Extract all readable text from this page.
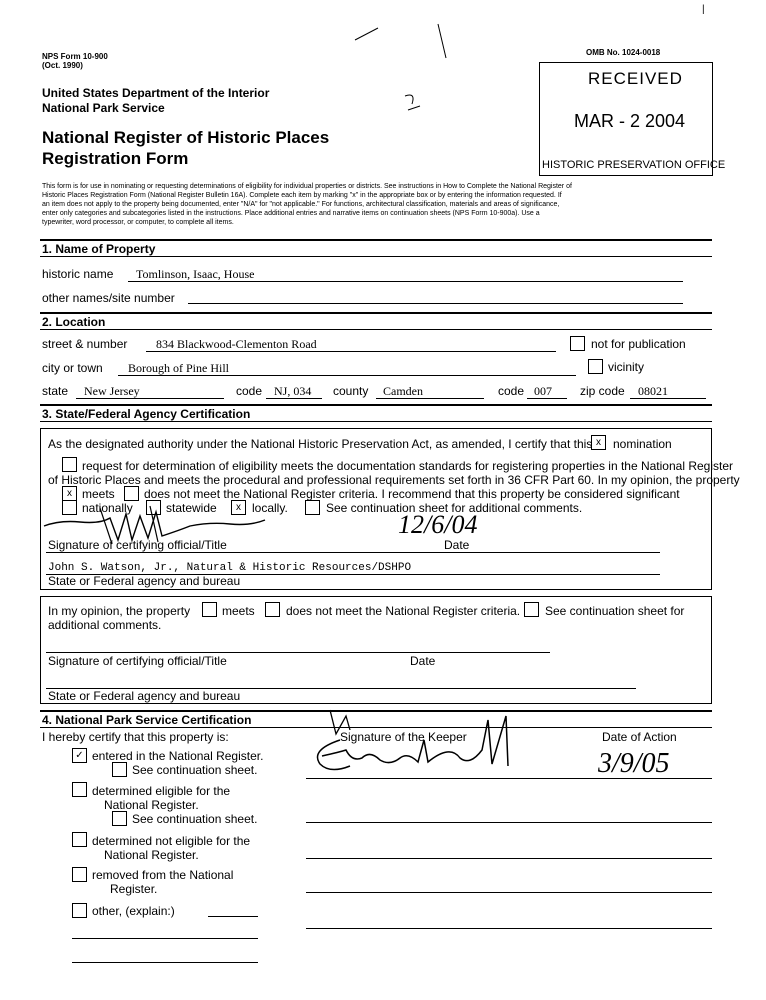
NPS Form 10-900
(Oct. 1990)
OMB No. 1024-0018
|
United States Department of the Interior
National Park Service
National Register of Historic Places
Registration Form
RECEIVED
MAR - 2 2004
HISTORIC PRESERVATION OFFICE
This form is for use in nominating or requesting determinations of eligibility for individual properties or districts. See instructions in How to Complete the National Register of
Historic Places Registration Form (National Register Bulletin 16A). Complete each item by marking "x" in the appropriate box or by entering the information requested. If
an item does not apply to the property being documented, enter "N/A" for "not applicable." For functions, architectural classification, materials and areas of significance,
enter only categories and subcategories listed in the instructions. Place additional entries and narrative items on continuation sheets (NPS Form 10-900a). Use a
typewriter, word processor, or computer, to complete all items.
1. Name of Property
historic name Tomlinson, Isaac, House
other names/site number
2. Location
street & number 834 Blackwood-Clementon Road	not for publication
city or town Borough of Pine Hill	vicinity
state New Jersey	code NJ, 034 county Camden	code 007 zip code 08021
3. State/Federal Agency Certification
As the designated authority under the National Historic Preservation Act, as amended, I certify that this x	nomination
request for determination of eligibility meets the documentation standards for registering properties in the National Register
of Historic Places and meets the procedural and professional requirements set forth in 36 CFR Part 60. In my opinion, the property
x meets does not meet the National Register criteria. I recommend that this property be considered significant
nationally	statewide	x locally.	See continuation sheet for additional comments.
12/6/04
Signature of certifying official/Title	Date
John S. Watson, Jr., Natural & Historic Resources/DSHPO
State or Federal agency and bureau
In my opinion, the property	meets	does not meet the National Register criteria. See continuation sheet for
additional comments.
Signature of certifying official/Title	Date
State or Federal agency and bureau
4. National Park Service Certification
I hereby certify that this property is:	Signature of the Keeper	Date of Action
3/9/05
✓ entered in the National Register.
See continuation sheet.
determined eligible for the
National Register.
See continuation sheet.
determined not eligible for the
National Register.
removed from the National
Register.
other, (explain:)
